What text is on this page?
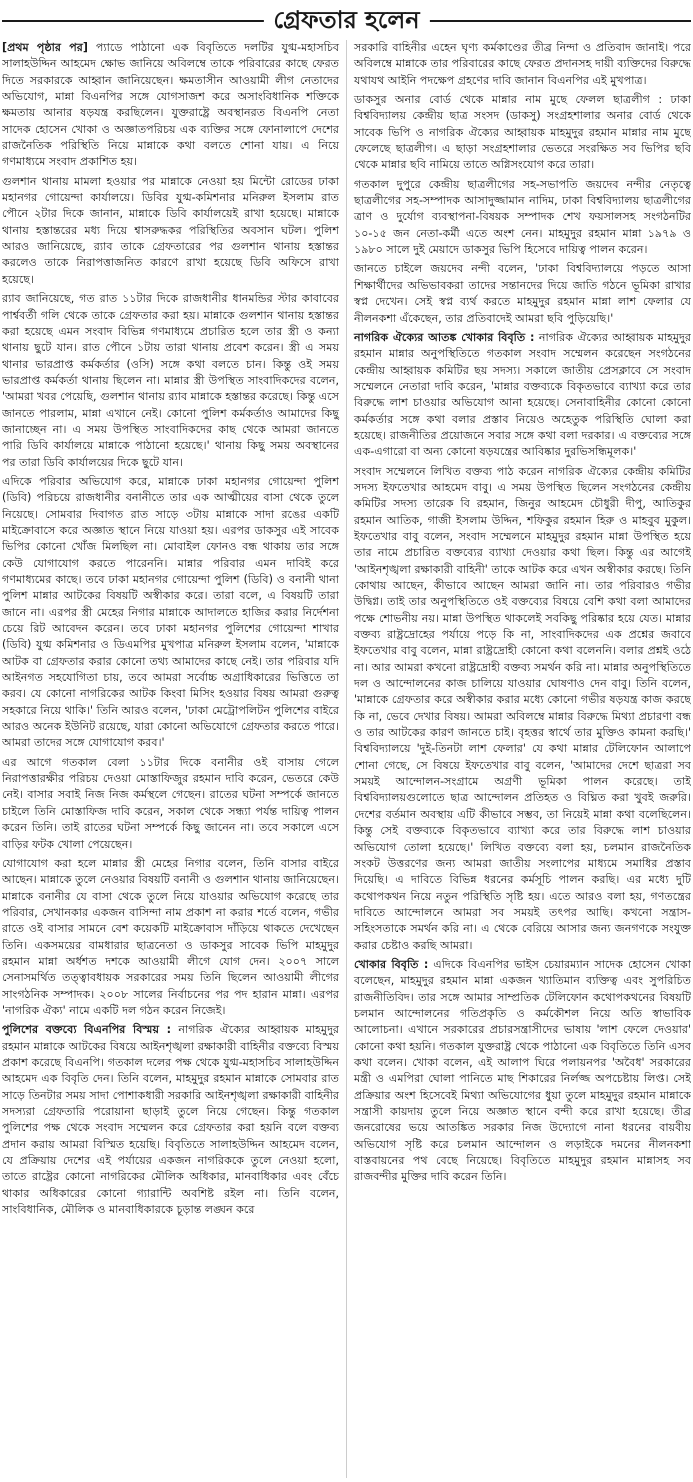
গ্রেফতার হলেন

[প্রথম পৃষ্ঠার পর] প্যাডে পাঠানো এক বিবৃতিতে দলটির যুগ্ম-মহাসচিব সালাহউদ্দিন আহমেদ ক্ষোভ জানিয়ে অবিলম্বে তাকে পরিবারের কাছে ফেরত দিতে সরকারকে আহ্বান জানিয়েছেন। ক্ষমতাসীন আওয়ামী লীগ নেতাদের অভিযোগ, মান্না বিএনপির সঙ্গে যোগসাজশ করে অসাংবিধানিক শক্তিকে ক্ষমতায় আনার ষড়যন্ত্র করছিলেন। যুক্তরাষ্ট্রে অবস্থানরত বিএনপি নেতা সাদেক হোসেন খোকা ও অজ্ঞাতপরিচয় এক ব্যক্তির সঙ্গে ফোনালাপে দেশের রাজনৈতিক পরিস্থিতি নিয়ে মান্নাকে কথা বলতে শোনা যায়। এ নিয়ে গণমাধ্যমে সংবাদ প্রকাশিত হয়।

গুলশান থানায় মামলা হওয়ার পর মান্নাকে নেওয়া হয় মিন্টো রোডের ঢাকা মহানগর গোয়েন্দা কার্যালয়ে। ডিবির যুগ্ম-কমিশনার মনিরুল ইসলাম রাত পৌনে ২টার দিকে জানান, মান্নাকে ডিবি কার্যালয়েই রাখা হয়েছে। মান্নাকে থানায় হস্তান্তরের মধ্য দিয়ে শ্বাসরুদ্ধকর পরিস্থিতির অবসান ঘটল। পুলিশ আরও জানিয়েছে, র‌্যাব তাকে গ্রেফতারের পর গুলশান থানায় হস্তান্তর করলেও তাকে নিরাপত্তাজনিত কারণে রাখা হয়েছে ডিবি অফিসে রাখা হয়েছে।

র‌্যাব জানিয়েছে, গত রাত ১১টার দিকে রাজধানীর ধানমন্ডির স্টার কাবাবের পার্শ্ববর্তী গলি থেকে তাকে গ্রেফতার করা হয়। মান্নাকে গুলশান থানায় হস্তান্তর করা হয়েছে এমন সংবাদ বিভিন্ন গণমাধ্যমে প্রচারিত হলে তার স্ত্রী ও কন্যা থানায় ছুটে যান। রাত পৌনে ১টায় তারা থানায় প্রবেশ করেন। স্ত্রী এ সময় থানার ভারপ্রাপ্ত কর্মকর্তার (ওসি) সঙ্গে কথা বলতে চান। কিন্তু ওই সময় ভারপ্রাপ্ত কর্মকর্তা থানায় ছিলেন না। মান্নার স্ত্রী উপস্থিত সাংবাদিকদের বলেন, 'আমরা খবর পেয়েছি, গুলশান থানায় র‌্যাব মান্নাকে হস্তান্তর করেছে। কিন্তু এসে জানতে পারলাম, মান্না এখানে নেই। কোনো পুলিশ কর্মকর্তাও আমাদের কিছু জানাচ্ছেন না। এ সময় উপস্থিত সাংবাদিকদের কাছ থেকে আমরা জানতে পারি ডিবি কার্যালয়ে মান্নাকে পাঠানো হয়েছে।' থানায় কিছু সময় অবস্থানের পর তারা ডিবি কার্যালয়ের দিকে ছুটে যান।

এদিকে পরিবার অভিযোগ করে, মান্নাকে ঢাকা মহানগর গোয়েন্দা পুলিশ (ডিবি) পরিচয়ে রাজধানীর বনানীতে তার এক আত্মীয়ের বাসা থেকে তুলে নিয়েছে। সোমবার দিবাগত রাত সাড়ে ৩টায় মান্নাকে সাদা রঙের একটি মাইক্রোবাসে করে অজ্ঞাত স্থানে নিয়ে যাওয়া হয়। এরপর ডাকসুর এই সাবেক ভিপির কোনো খোঁজ মিলছিল না। মোবাইল ফোনও বন্ধ থাকায় তার সঙ্গে কেউ যোগাযোগ করতে পারেননি। মান্নার পরিবার এমন দাবিই করে গণমাধ্যমের কাছে। তবে ঢাকা মহানগর গোয়েন্দা পুলিশ (ডিবি) ও বনানী থানা পুলিশ মান্নার আটকের বিষয়টি অস্বীকার করে। তারা বলে, এ বিষয়টি তারা জানে না। এরপর স্ত্রী মেহের নিগার মান্নাকে আদালতে হাজির করার নির্দেশনা চেয়ে রিট আবেদন করেন। তবে ঢাকা মহানগর পুলিশের গোয়েন্দা শাখার (ডিবি) যুগ্ম কমিশনার ও ডিএমপির মুখপাত্র মনিরুল ইসলাম বলেন, 'মান্নাকে আটক বা গ্রেফতার করার কোনো তথ্য আমাদের কাছে নেই। তার পরিবার যদি আইনগত সহযোগিতা চায়, তবে আমরা সর্বোচ্চ অগ্রাধিকারের ভিত্তিতে তা করব। যে কোনো নাগরিকের আটক কিংবা মিসিং হওয়ার বিষয় আমরা গুরুত্ব সহকারে নিয়ে থাকি।' তিনি আরও বলেন, 'ঢাকা মেট্রোপলিটন পুলিশের বাইরে আরও অনেক ইউনিট রয়েছে, যারা কোনো অভিযোগে গ্রেফতার করতে পারে। আমরা তাদের সঙ্গে যোগাযোগ করব।'

এর আগে গতকাল বেলা ১১টার দিকে বনানীর ওই বাসায় গেলে নিরাপত্তারক্ষীর পরিচয় দেওয়া মোস্তাফিজুর রহমান দাবি করেন, ভেতরে কেউ নেই। বাসার সবাই নিজ নিজ কর্মস্থলে গেছেন। রাতের ঘটনা সম্পর্কে জানতে চাইলে তিনি মোস্তাফিজ দাবি করেন, সকাল থেকে সন্ধ্যা পর্যন্ত দায়িত্ব পালন করেন তিনি। তাই রাতের ঘটনা সম্পর্কে কিছু জানেন না। তবে সকালে এসে বাড়ির ফটক খোলা পেয়েছেন।

যোগাযোগ করা হলে মান্নার স্ত্রী মেহের নিগার বলেন, তিনি বাসার বাইরে আছেন। মান্নাকে তুলে নেওয়ার বিষয়টি বনানী ও গুলশান থানায় জানিয়েছেন। মান্নাকে বনানীর যে বাসা থেকে তুলে নিয়ে যাওয়ার অভিযোগ করেছে তার পরিবার, সেখানকার একজন বাসিন্দা নাম প্রকাশ না করার শর্তে বলেন, গভীর রাতে ওই বাসার সামনে বেশ কয়েকটি মাইক্রোবাস দাঁড়িয়ে থাকতে দেখেছেন তিনি। একসময়ের বামধারার ছাত্রনেতা ও ডাকসুর সাবেক ভিপি মাহমুদুর রহমান মান্না অর্ধশত দশকে আওয়ামী লীগে যোগ দেন। ২০০৭ সালে সেনাসমর্থিত তত্ত্বাবধায়ক সরকারের সময় তিনি ছিলেন আওয়ামী লীগের সাংগঠনিক সম্পাদক। ২০০৮ সালের নির্বাচনের পর পদ হারান মান্না। এরপর 'নাগরিক ঐক্য' নামে একটি দল গঠন করেন নিজেই।

পুলিশের বক্তব্যে বিএনপির বিস্ময় : নাগরিক ঐক্যের আহ্বায়ক মাহমুদুর রহমান মান্নাকে আটকের বিষয়ে আইনশৃঙ্খলা রক্ষাকারী বাহিনীর বক্তব্যে বিস্ময় প্রকাশ করেছে বিএনপি। গতকাল দলের পক্ষ থেকে যুগ্ম-মহাসচিব সালাহউদ্দিন আহমেদ এক বিবৃতি দেন। তিনি বলেন, মাহমুদুর রহমান মান্নাকে সোমবার রাত সাড়ে তিনটার সময় সাদা পোশাকধারী সরকারি আইনশৃঙ্খলা রক্ষাকারী বাহিনীর সদস্যরা গ্রেফতারি পরোয়ানা ছাড়াই তুলে নিয়ে গেছেন। কিন্তু গতকাল পুলিশের পক্ষ থেকে সংবাদ সম্মেলন করে গ্রেফতার করা হয়নি বলে বক্তব্য প্রদান করায় আমরা বিস্মিত হয়েছি। বিবৃতিতে সালাহউদ্দিন আহমেদ বলেন, যে প্রক্রিয়ায় দেশের এই পর্যায়ের একজন নাগরিককে তুলে নেওয়া হলো, তাতে রাষ্ট্রের কোনো নাগরিকের মৌলিক অধিকার, মানবাধিকার এবং বেঁচে থাকার অধিকারের কোনো গ্যারান্টি অবশিষ্ট রইল না। তিনি বলেন, সাংবিধানিক, মৌলিক ও মানবাধিকারকে চূড়ান্ত লঙ্ঘন করে

সরকারি বাহিনীর এহেন ঘৃণ্য কর্মকাণ্ডের তীব্র নিন্দা ও প্রতিবাদ জানাই। পরে অবিলম্বে মান্নাকে তার পরিবারের কাছে ফেরত প্রদানসহ দায়ী ব্যক্তিদের বিরুদ্ধে যথাযথ আইনি পদক্ষেপ গ্রহণের দাবি জানান বিএনপির এই মুখপাত্র।

ডাকসুর অনার বোর্ড থেকে মান্নার নাম মুছে ফেলল ছাত্রলীগ : ঢাকা বিশ্ববিদ্যালয় কেন্দ্রীয় ছাত্র সংসদ (ডাকসু) সংগ্রহশালার অনার বোর্ড থেকে সাবেক ভিপি ও নাগরিক ঐক্যের আহ্বায়ক মাহমুদুর রহমান মান্নার নাম মুছে ফেলেছে ছাত্রলীগ। এ ছাড়া সংগ্রহশালার ভেতরে সংরক্ষিত সব ভিপির ছবি থেকে মান্নার ছবি নামিয়ে তাতে অগ্নিসংযোগ করে তারা।

গতকাল দুপুরে কেন্দ্রীয় ছাত্রলীগের সহ-সভাপতি জয়দেব নন্দীর নেতৃত্বে ছাত্রলীগের সহ-সম্পাদক আসাদুজ্জামান নাদিম, ঢাকা বিশ্ববিদ্যালয় ছাত্রলীগের ত্রাণ ও দুর্যোগ ব্যবস্থাপনা-বিষয়ক সম্পাদক শেখ ফয়সালসহ সংগঠনটির ১০-১৫ জন নেতা-কর্মী এতে অংশ নেন। মাহমুদুর রহমান মান্না ১৯৭৯ ও ১৯৮০ সালে দুই মেয়াদে ডাকসুর ভিপি হিসেবে দায়িত্ব পালন করেন।

জানতে চাইলে জয়দেব নন্দী বলেন, 'ঢাকা বিশ্ববিদ্যালয়ে পড়তে আসা শিক্ষার্থীদের অভিভাবকরা তাদের সন্তানদের দিয়ে জাতি গঠনে ভূমিকা রাখার স্বপ্ন দেখেন। সেই স্বপ্ন ব্যর্থ করতে মাহমুদুর রহমান মান্না লাশ ফেলার যে নীলনকশা এঁকেছেন, তার প্রতিবাদেই আমরা ছবি পুড়িয়েছি।'

নাগরিক ঐক্যের আতঙ্ক খোকার বিবৃতি : নাগরিক ঐক্যের আহ্বায়ক মাহমুদুর রহমান মান্নার অনুপস্থিতিতে গতকাল সংবাদ সম্মেলন করেছেন সংগঠনের কেন্দ্রীয় আহ্বায়ক কমিটির ছয় সদস্য। সকালে জাতীয় প্রেসক্লাবে সে সংবাদ সম্মেলনে নেতারা দাবি করেন, 'মান্নার বক্তব্যকে বিকৃতভাবে ব্যাখ্যা করে তার বিরুদ্ধে লাশ চাওয়ার অভিযোগ আনা হয়েছে। সেনাবাহিনীর কোনো কোনো কর্মকর্তার সঙ্গে কথা বলার প্রস্তাব নিয়েও অহেতুক পরিস্থিতি ঘোলা করা হয়েছে। রাজনীতির প্রয়োজনে সবার সঙ্গে কথা বলা দরকার। এ বক্তব্যের সঙ্গে এক-এগারো বা অন্য কোনো ষড়যন্ত্রের আবিষ্কার দুরভিসন্ধিমূলক।'

সংবাদ সম্মেলনে লিখিত বক্তব্য পাঠ করেন নাগরিক ঐক্যের কেন্দ্রীয় কমিটির সদস্য ইফতেখার আহমেদ বাবু। এ সময় উপস্থিত ছিলেন সংগঠনের কেন্দ্রীয় কমিটির সদস্য তারেক বি রহমান, জিনুর আহমেদ চৌধুরী দীপু, আতিকুর রহমান আতিক, গাজী ইসলাম উদ্দিন, শফিকুর রহমান হিরু ও মাহবুব মুকুল। ইফতেখার বাবু বলেন, সংবাদ সম্মেলনে মাহমুদুর রহমান মান্না উপস্থিত হয়ে তার নামে প্রচারিত বক্তব্যের ব্যাখ্যা দেওয়ার কথা ছিল। কিন্তু এর আগেই 'আইনশৃঙ্খলা রক্ষাকারী বাহিনী' তাকে আটক করে এখন অস্বীকার করছে। তিনি কোথায় আছেন, কীভাবে আছেন আমরা জানি না। তার পরিবারও গভীর উদ্বিগ্ন। তাই তার অনুপস্থিতিতে ওই বক্তব্যের বিষয়ে বেশি কথা বলা আমাদের পক্ষে শোভনীয় নয়। মান্না উপস্থিত থাকলেই সবকিছু পরিষ্কার হয়ে যেত। মান্নার বক্তব্য রাষ্ট্রদ্রোহের পর্যায়ে পড়ে কি না, সাংবাদিকদের এক প্রশ্নের জবাবে ইফতেখার বাবু বলেন, মান্না রাষ্ট্রদ্রোহী কোনো কথা বলেননি। বলার প্রশ্নই ওঠে না। আর আমরা কখনো রাষ্ট্রদ্রোহী বক্তব্য সমর্থন করি না। মান্নার অনুপস্থিতিতে দল ও আন্দোলনের কাজ চালিয়ে যাওয়ার ঘোষণাও দেন বাবু। তিনি বলেন, 'মান্নাকে গ্রেফতার করে অস্বীকার করার মধ্যে কোনো গভীর ষড়যন্ত্র কাজ করছে কি না, ভেবে দেখার বিষয়। আমরা অবিলম্বে মান্নার বিরুদ্ধে মিথ্যা প্রচারণা বন্ধ ও তার আটকের কারণ জানতে চাই। বৃহত্তর স্বার্থে তার মুক্তিও কামনা করছি।' বিশ্ববিদ্যালয়ে 'দুই-তিনটা লাশ ফেলার' যে কথা মান্নার টেলিফোন আলাপে শোনা গেছে, সে বিষয়ে ইফতেখার বাবু বলেন, 'আমাদের দেশে ছাত্ররা সব সময়ই আন্দোলন-সংগ্রামে অগ্রণী ভূমিকা পালন করেছে। তাই বিশ্ববিদ্যালয়গুলোতে ছাত্র আন্দোলন প্রতিহত ও বিঘ্নিত করা খুবই জরুরি। দেশের বর্তমান অবস্থায় এটি কীভাবে সম্ভব, তা নিয়েই মান্না কথা বলেছিলেন। কিন্তু সেই বক্তব্যকে বিকৃতভাবে ব্যাখ্যা করে তার বিরুদ্ধে লাশ চাওয়ার অভিযোগ তোলা হয়েছে।' লিখিত বক্তব্যে বলা হয়, চলমান রাজনৈতিক সংকট উত্তরণের জন্য আমরা জাতীয় সংলাপের মাধ্যমে সমাধির প্রস্তাব দিয়েছি। এ দাবিতে বিভিন্ন ধরনের কর্মসূচি পালন করছি। এর মধ্যে দুটি কথোপকথন নিয়ে নতুন পরিস্থিতি সৃষ্টি হয়। এতে আরও বলা হয়, গণতন্ত্রের দাবিতে আন্দোলনে আমরা সব সময়ই তৎপর আছি। কখনো সন্ত্রাস-সহিংসতাকে সমর্থন করি না। এ থেকে বেরিয়ে আসার জন্য জনগণকে সংযুক্ত করার চেষ্টাও করছি আমরা।

খোকার বিবৃতি : এদিকে বিএনপির ভাইস চেয়ারম্যান সাদেক হোসেন খোকা বলেছেন, মাহমুদুর রহমান মান্না একজন খ্যাতিমান ব্যক্তিত্ব এবং সুপরিচিত রাজনীতিবিদ। তার সঙ্গে আমার সাম্প্রতিক টেলিফোন কথোপকথনের বিষয়টি চলমান আন্দোলনের গতিপ্রকৃতি ও কর্মকৌশল নিয়ে অতি স্বাভাবিক আলোচনা। এখানে সরকারের প্রচারসন্ত্রাসীদের ভাষায় 'লাশ ফেলে দেওয়ার' কোনো কথা হয়নি। গতকাল যুক্তরাষ্ট্র থেকে পাঠানো এক বিবৃতিতে তিনি এসব কথা বলেন। খোকা বলেন, এই আলাপ ঘিরে পলায়নপর 'অবৈধ' সরকারের মন্ত্রী ও এমপিরা ঘোলা পানিতে মাছ শিকারের নির্লজ্জ অপচেষ্টায় লিপ্ত। সেই প্রক্রিয়ার অংশ হিসেবেই মিথ্যা অভিযোগের ধুয়া তুলে মাহমুদুর রহমান মান্নাকে সন্ত্রাসী কায়দায় তুলে নিয়ে অজ্ঞাত স্থানে বন্দী করে রাখা হয়েছে। তীব্র জনরোষের ভয়ে আতঙ্কিত সরকার নিজ উদ্যোগে নানা ধরনের বায়বীয় অভিযোগ সৃষ্টি করে চলমান আন্দোলন ও লড়াইকে দমনের নীলনকশা বাস্তবায়নের পথ বেছে নিয়েছে। বিবৃতিতে মাহমুদুর রহমান মান্নাসহ সব রাজবন্দীর মুক্তির দাবি করেন তিনি।
